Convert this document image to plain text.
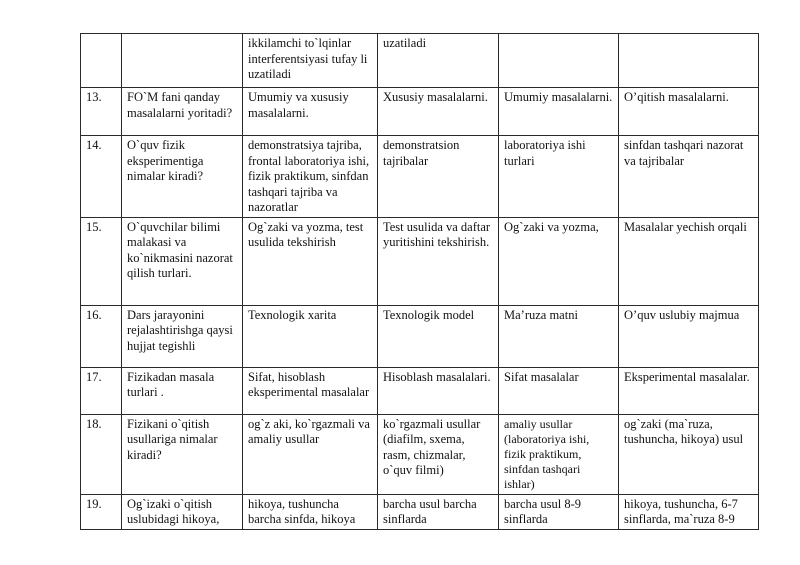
		ikkilamchi to`lqinlar interferentsiyasi tufay li uzatiladi	uzatiladi		
13.	FO`M fani qanday masalalarni yoritadi?	Umumiy va xususiy masalalarni.	Xususiy masalalarni.	Umumiy masalalarni.	O’qitish masalalarni.
14.	O`quv fizik eksperimentiga nimalar kiradi?	demonstratsiya tajriba, frontal laboratoriya ishi, fizik praktikum, sinfdan tashqari tajriba va nazoratlar	demonstratsion tajribalar	laboratoriya ishi turlari	sinfdan tashqari nazorat va tajribalar
15.	O`quvchilar bilimi malakasi va ko`nikmasini nazorat qilish turlari.	Og`zaki va yozma, test usulida tekshirish	Test usulida va daftar yuritishini tekshirish.	Og`zaki va yozma,	Masalalar yechish orqali
16.	Dars jarayonini rejalashtirishga qaysi hujjat tegishli	Texnologik xarita	Texnologik model	Ma’ruza matni	O’quv uslubiy majmua
17.	Fizikadan masala turlari .	Sifat, hisoblash eksperimental masalalar	Hisoblash masalalari.	Sifat masalalar	Eksperimental masalalar.
18.	Fizikani o`qitish usullariga nimalar kiradi?	og`z aki, ko`rgazmali va amaliy usullar	ko`rgazmali usullar (diafilm, sxema, rasm, chizmalar, o`quv filmi)	amaliy usullar (laboratoriya ishi, fizik praktikum, sinfdan tashqari ishlar)	og`zaki (ma`ruza, tushuncha, hikoya) usul
19.	Og`izaki o`qitish uslubidagi hikoya,	hikoya, tushuncha barcha sinfda, hikoya	barcha usul barcha sinflarda	barcha usul 8-9 sinflarda	hikoya, tushuncha, 6-7 sinflarda, ma`ruza 8-9
